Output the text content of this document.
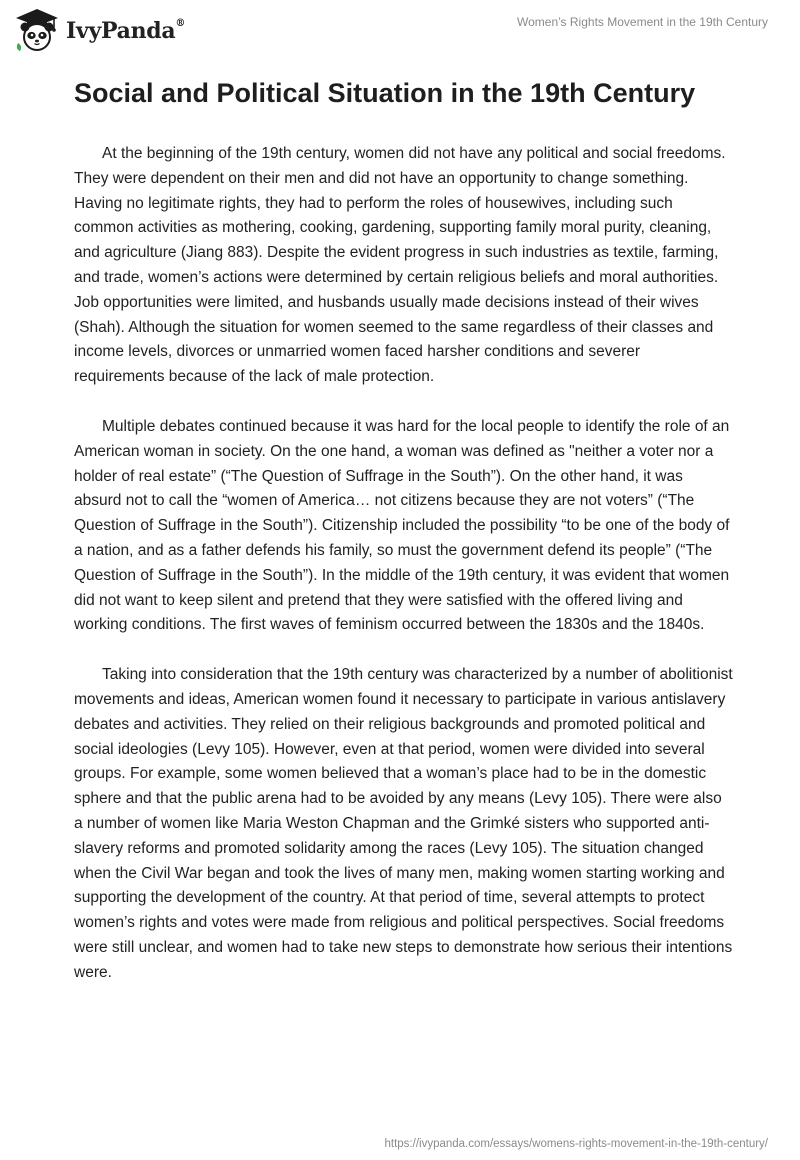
IvyPanda®	Women’s Rights Movement in the 19th Century
Social and Political Situation in the 19th Century

At the beginning of the 19th century, women did not have any political and social freedoms. They were dependent on their men and did not have an opportunity to change something. Having no legitimate rights, they had to perform the roles of housewives, including such common activities as mothering, cooking, gardening, supporting family moral purity, cleaning, and agriculture (Jiang 883). Despite the evident progress in such industries as textile, farming, and trade, women’s actions were determined by certain religious beliefs and moral authorities. Job opportunities were limited, and husbands usually made decisions instead of their wives (Shah). Although the situation for women seemed to the same regardless of their classes and income levels, divorces or unmarried women faced harsher conditions and severer requirements because of the lack of male protection.

Multiple debates continued because it was hard for the local people to identify the role of an American woman in society. On the one hand, a woman was defined as "neither a voter nor a holder of real estate” (“The Question of Suffrage in the South”). On the other hand, it was absurd not to call the “women of America… not citizens because they are not voters” (“The Question of Suffrage in the South”). Citizenship included the possibility “to be one of the body of a nation, and as a father defends his family, so must the government defend its people” (“The Question of Suffrage in the South”). In the middle of the 19th century, it was evident that women did not want to keep silent and pretend that they were satisfied with the offered living and working conditions. The first waves of feminism occurred between the 1830s and the 1840s.

Taking into consideration that the 19th century was characterized by a number of abolitionist movements and ideas, American women found it necessary to participate in various antislavery debates and activities. They relied on their religious backgrounds and promoted political and social ideologies (Levy 105). However, even at that period, women were divided into several groups. For example, some women believed that a woman’s place had to be in the domestic sphere and that the public arena had to be avoided by any means (Levy 105). There were also a number of women like Maria Weston Chapman and the Grimké sisters who supported anti-slavery reforms and promoted solidarity among the races (Levy 105). The situation changed when the Civil War began and took the lives of many men, making women starting working and supporting the development of the country. At that period of time, several attempts to protect women’s rights and votes were made from religious and political perspectives. Social freedoms were still unclear, and women had to take new steps to demonstrate how serious their intentions were.

https://ivypanda.com/essays/womens-rights-movement-in-the-19th-century/
